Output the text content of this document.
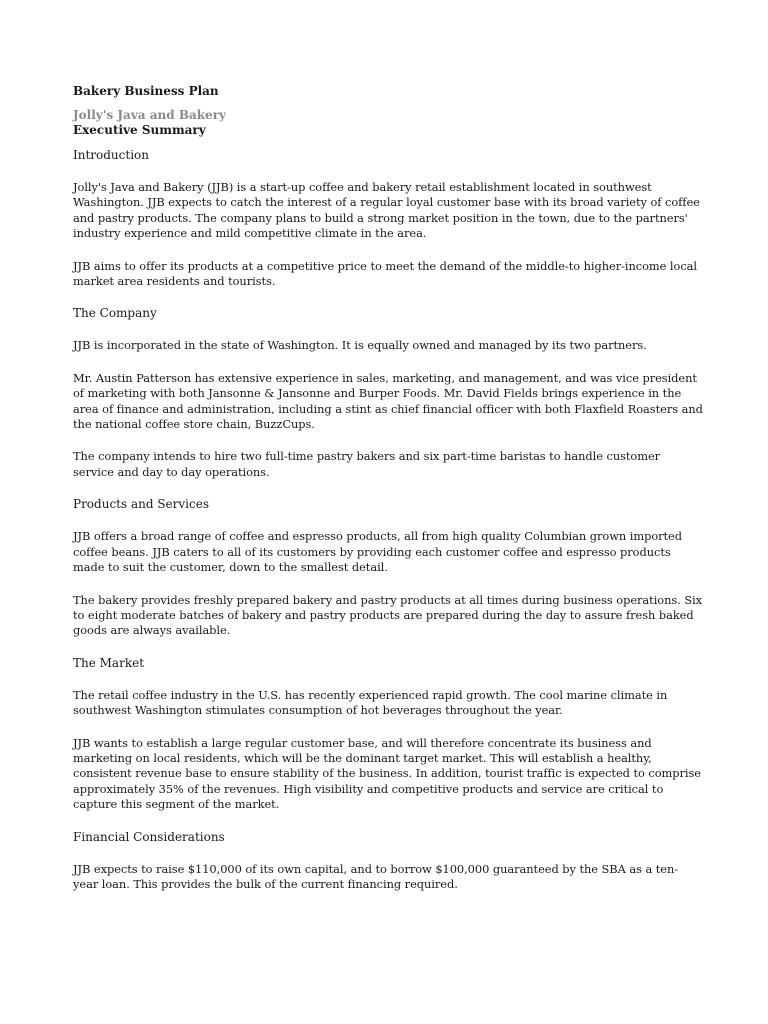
Bakery Business Plan

Jolly's Java and Bakery

Executive Summary

Introduction

Jolly's Java and Bakery (JJB) is a start-up coffee and bakery retail establishment located in southwest Washington. JJB expects to catch the interest of a regular loyal customer base with its broad variety of coffee and pastry products. The company plans to build a strong market position in the town, due to the partners' industry experience and mild competitive climate in the area.

JJB aims to offer its products at a competitive price to meet the demand of the middle-to higher-income local market area residents and tourists.

The Company

JJB is incorporated in the state of Washington. It is equally owned and managed by its two partners.

Mr. Austin Patterson has extensive experience in sales, marketing, and management, and was vice president of marketing with both Jansonne & Jansonne and Burper Foods. Mr. David Fields brings experience in the area of finance and administration, including a stint as chief financial officer with both Flaxfield Roasters and the national coffee store chain, BuzzCups.

The company intends to hire two full-time pastry bakers and six part-time baristas to handle customer service and day to day operations.

Products and Services

JJB offers a broad range of coffee and espresso products, all from high quality Columbian grown imported coffee beans. JJB caters to all of its customers by providing each customer coffee and espresso products made to suit the customer, down to the smallest detail.

The bakery provides freshly prepared bakery and pastry products at all times during business operations. Six to eight moderate batches of bakery and pastry products are prepared during the day to assure fresh baked goods are always available.

The Market

The retail coffee industry in the U.S. has recently experienced rapid growth. The cool marine climate in southwest Washington stimulates consumption of hot beverages throughout the year.

JJB wants to establish a large regular customer base, and will therefore concentrate its business and marketing on local residents, which will be the dominant target market. This will establish a healthy, consistent revenue base to ensure stability of the business. In addition, tourist traffic is expected to comprise approximately 35% of the revenues. High visibility and competitive products and service are critical to capture this segment of the market.

Financial Considerations

JJB expects to raise $110,000 of its own capital, and to borrow $100,000 guaranteed by the SBA as a ten-year loan. This provides the bulk of the current financing required.
